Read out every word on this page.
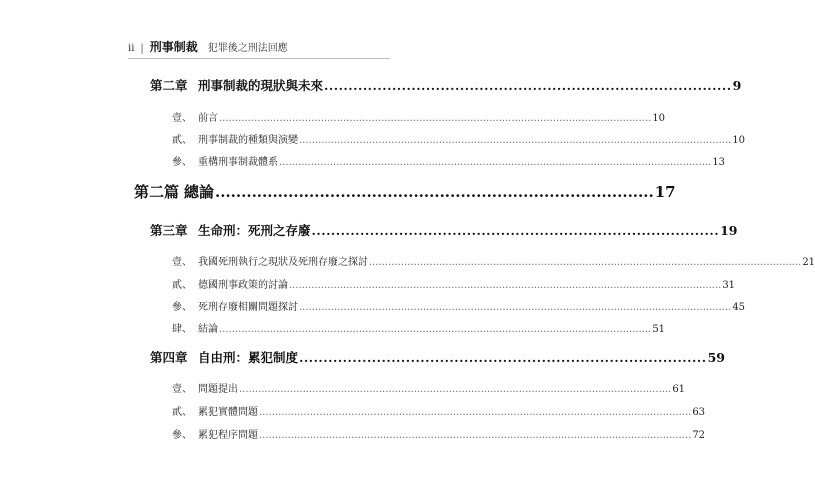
ii | 刑事制裁 犯罪後之刑法回應
第二章 刑事制裁的現狀與未來 .................................................................................... 9
壹、 前言 ........................................................................................................................................ 10
貳、 刑事制裁的種類與演變 ........................................................................................................................................ 10
參、 重構刑事制裁體系 ........................................................................................................................................ 13
第二篇 總論 .................................................................................... 17
第三章 生命刑：死刑之存廢 .................................................................................... 19
壹、 我國死刑執行之現狀及死刑存廢之探討 ........................................................................................................................................ 21
貳、 德國刑事政策的討論 ........................................................................................................................................ 31
參、 死刑存廢相關問題探討 ........................................................................................................................................ 45
肆、 結論 ........................................................................................................................................ 51
第四章 自由刑：累犯制度 .................................................................................... 59
壹、 問題提出 ........................................................................................................................................ 61
貳、 累犯實體問題 ........................................................................................................................................ 63
參、 累犯程序問題 ........................................................................................................................................ 72
